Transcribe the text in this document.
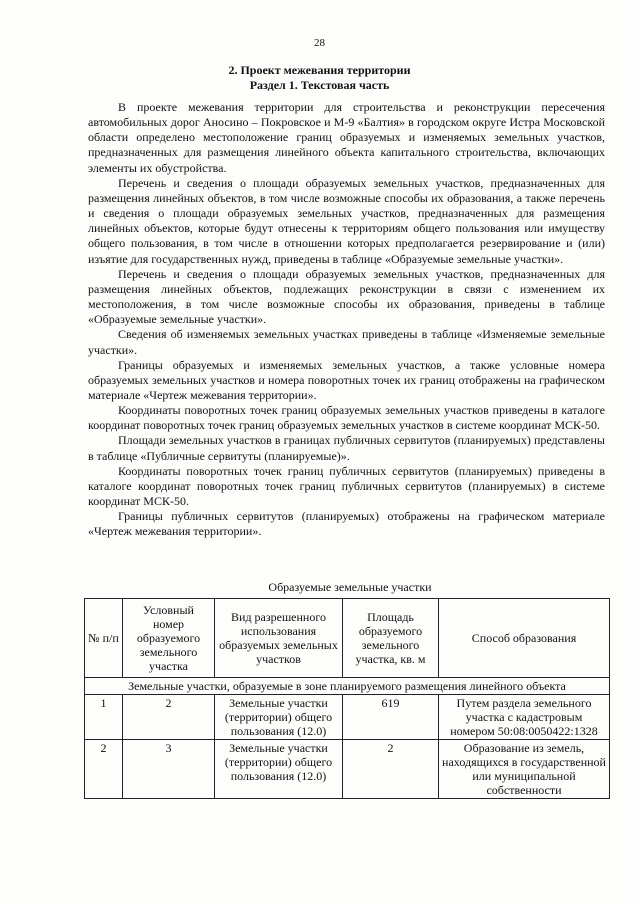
28
2. Проект межевания территории
Раздел 1. Текстовая часть

В проекте межевания территории для строительства и реконструкции пересечения автомобильных дорог Аносино – Покровское и М-9 «Балтия» в городском округе Истра Московской области определено местоположение границ образуемых и изменяемых земельных участков, предназначенных для размещения линейного объекта капитального строительства, включающих элементы их обустройства.

Перечень и сведения о площади образуемых земельных участков, предназначенных для размещения линейных объектов, в том числе возможные способы их образования, а также перечень и сведения о площади образуемых земельных участков, предназначенных для размещения линейных объектов, которые будут отнесены к территориям общего пользования или имуществу общего пользования, в том числе в отношении которых предполагается резервирование и (или) изъятие для государственных нужд, приведены в таблице «Образуемые земельные участки».

Перечень и сведения о площади образуемых земельных участков, предназначенных для размещения линейных объектов, подлежащих реконструкции в связи с изменением их местоположения, в том числе возможные способы их образования, приведены в таблице «Образуемые земельные участки».

Сведения об изменяемых земельных участках приведены в таблице «Изменяемые земельные участки».

Границы образуемых и изменяемых земельных участков, а также условные номера образуемых земельных участков и номера поворотных точек их границ отображены на графическом материале «Чертеж межевания территории».

Координаты поворотных точек границ образуемых земельных участков приведены в каталоге координат поворотных точек границ образуемых земельных участков в системе координат МСК-50.

Площади земельных участков в границах публичных сервитутов (планируемых) представлены в таблице «Публичные сервитуты (планируемые)».

Координаты поворотных точек границ публичных сервитутов (планируемых) приведены в каталоге координат поворотных точек границ публичных сервитутов (планируемых) в системе координат МСК-50.

Границы публичных сервитутов (планируемых) отображены на графическом материале «Чертеж межевания территории».

Образуемые земельные участки
№ п/п	Условный номер образуемого земельного участка	Вид разрешенного использования образуемых земельных участков	Площадь образуемого земельного участка, кв. м	Способ образования
Земельные участки, образуемые в зоне планируемого размещения линейного объекта				
1	2	Земельные участки (территории) общего пользования (12.0)	619	Путем раздела земельного участка с кадастровым номером 50:08:0050422:1328
2	3	Земельные участки (территории) общего пользования (12.0)	2	Образование из земель, находящихся в государственной или муниципальной собственности
